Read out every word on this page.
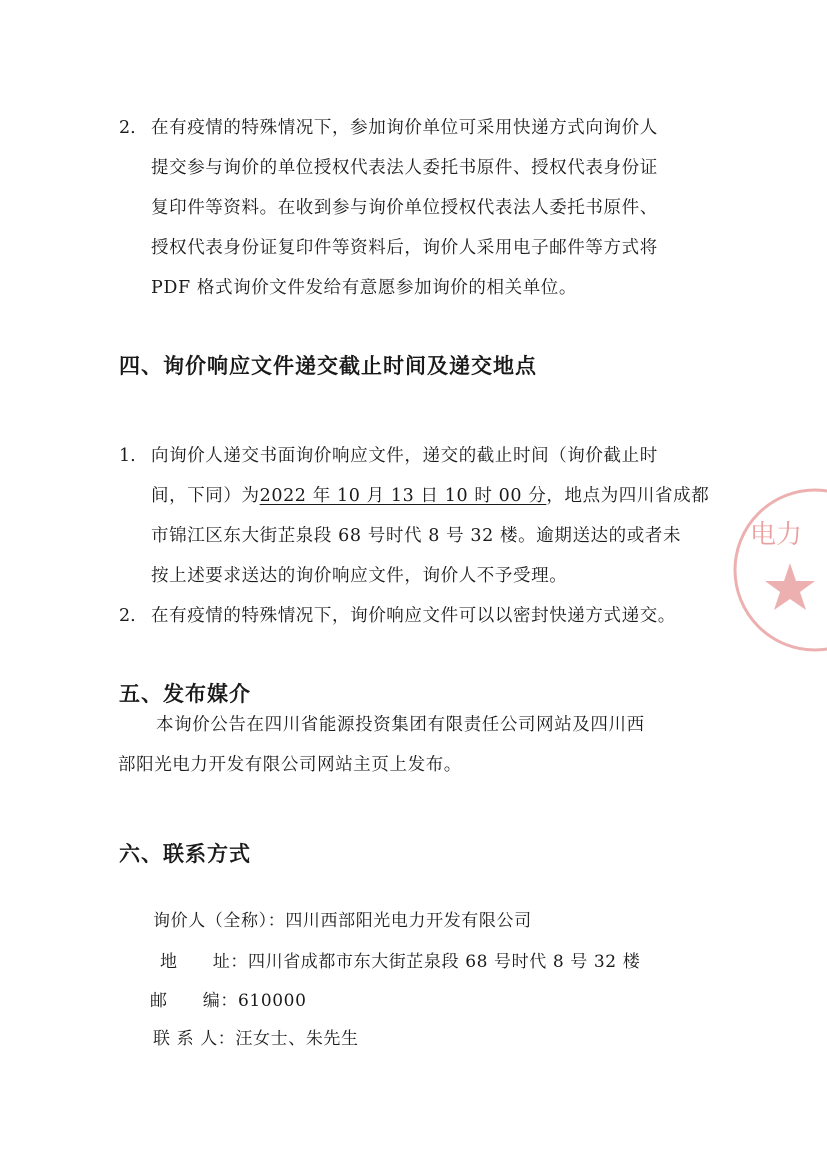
2. 在有疫情的特殊情况下，参加询价单位可采用快递方式向询价人
提交参与询价的单位授权代表法人委托书原件、授权代表身份证
复印件等资料。在收到参与询价单位授权代表法人委托书原件、
授权代表身份证复印件等资料后，询价人采用电子邮件等方式将
PDF 格式询价文件发给有意愿参加询价的相关单位。
四、询价响应文件递交截止时间及递交地点
1. 向询价人递交书面询价响应文件，递交的截止时间（询价截止时
间，下同）为2022 年 10 月 13 日 10 时 00 分，地点为四川省成都
市锦江区东大街芷泉段 68 号时代 8 号 32 楼。逾期送达的或者未
按上述要求送达的询价响应文件，询价人不予受理。
2. 在有疫情的特殊情况下，询价响应文件可以以密封快递方式递交。
五、发布媒介
本询价公告在四川省能源投资集团有限责任公司网站及四川西
部阳光电力开发有限公司网站主页上发布。
六、联系方式
询价人（全称）：四川西部阳光电力开发有限公司
地　　址：四川省成都市东大街芷泉段 68 号时代 8 号 32 楼
邮　　编：610000
联 系 人：汪女士、朱先生
电力
